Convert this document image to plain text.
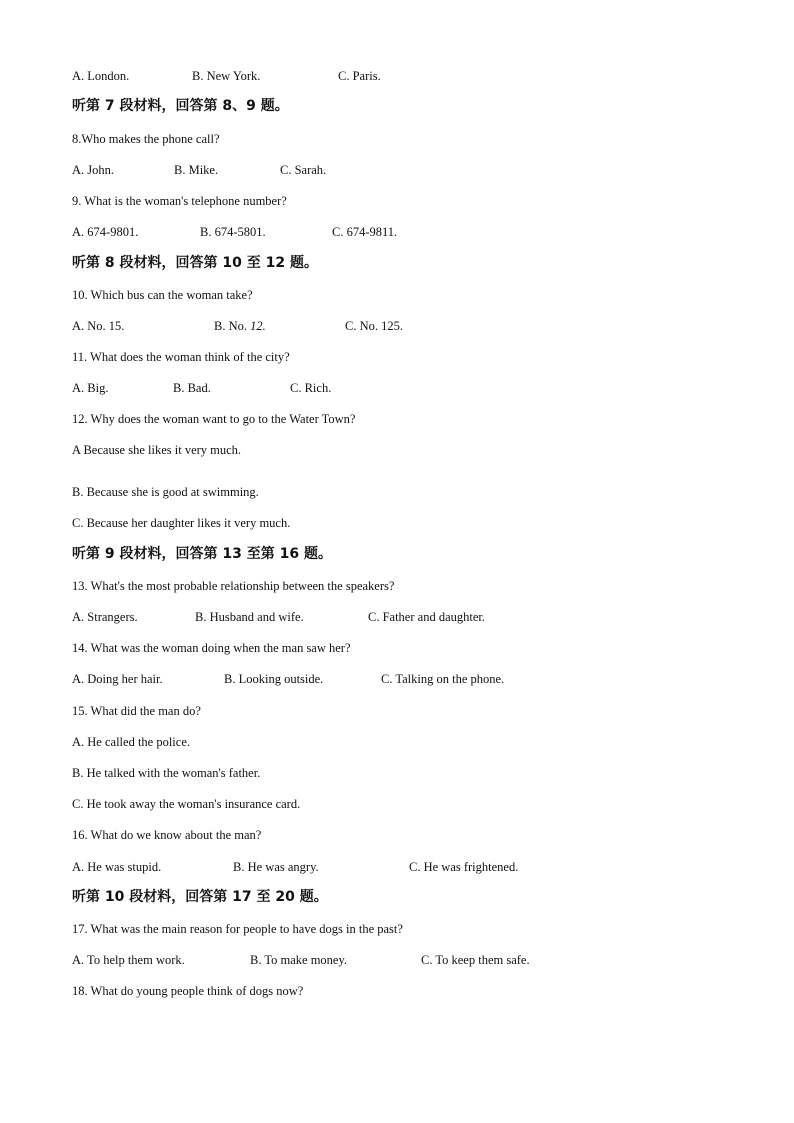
A. London.	B. New York.	C. Paris.
听第 7 段材料，回答第 8、9 题。
8.Who makes the phone call?
A. John.	B. Mike.	C. Sarah.
9. What is the woman's telephone number?
A. 674-9801.	B. 674-5801.	C. 674-9811.
听第 8 段材料，回答第 10 至 12 题。
10. Which bus can the woman take?
A. No. 15.	B. No. 12.	C. No. 125.
11. What does the woman think of the city?
A. Big.	B. Bad.	C. Rich.
12. Why does the woman want to go to the Water Town?
A Because she likes it very much.
B. Because she is good at swimming.
C. Because her daughter likes it very much.
听第 9 段材料，回答第 13 至第 16 题。
13. What's the most probable relationship between the speakers?
A. Strangers.	B. Husband and wife.	C. Father and daughter.
14. What was the woman doing when the man saw her?
A. Doing her hair.	B. Looking outside.	C. Talking on the phone.
15. What did the man do?
A. He called the police.
B. He talked with the woman's father.
C. He took away the woman's insurance card.
16. What do we know about the man?
A. He was stupid.	B. He was angry.	C. He was frightened.
听第 10 段材料，回答第 17 至 20 题。
17. What was the main reason for people to have dogs in the past?
A. To help them work.	B. To make money.	C. To keep them safe.
18. What do young people think of dogs now?
